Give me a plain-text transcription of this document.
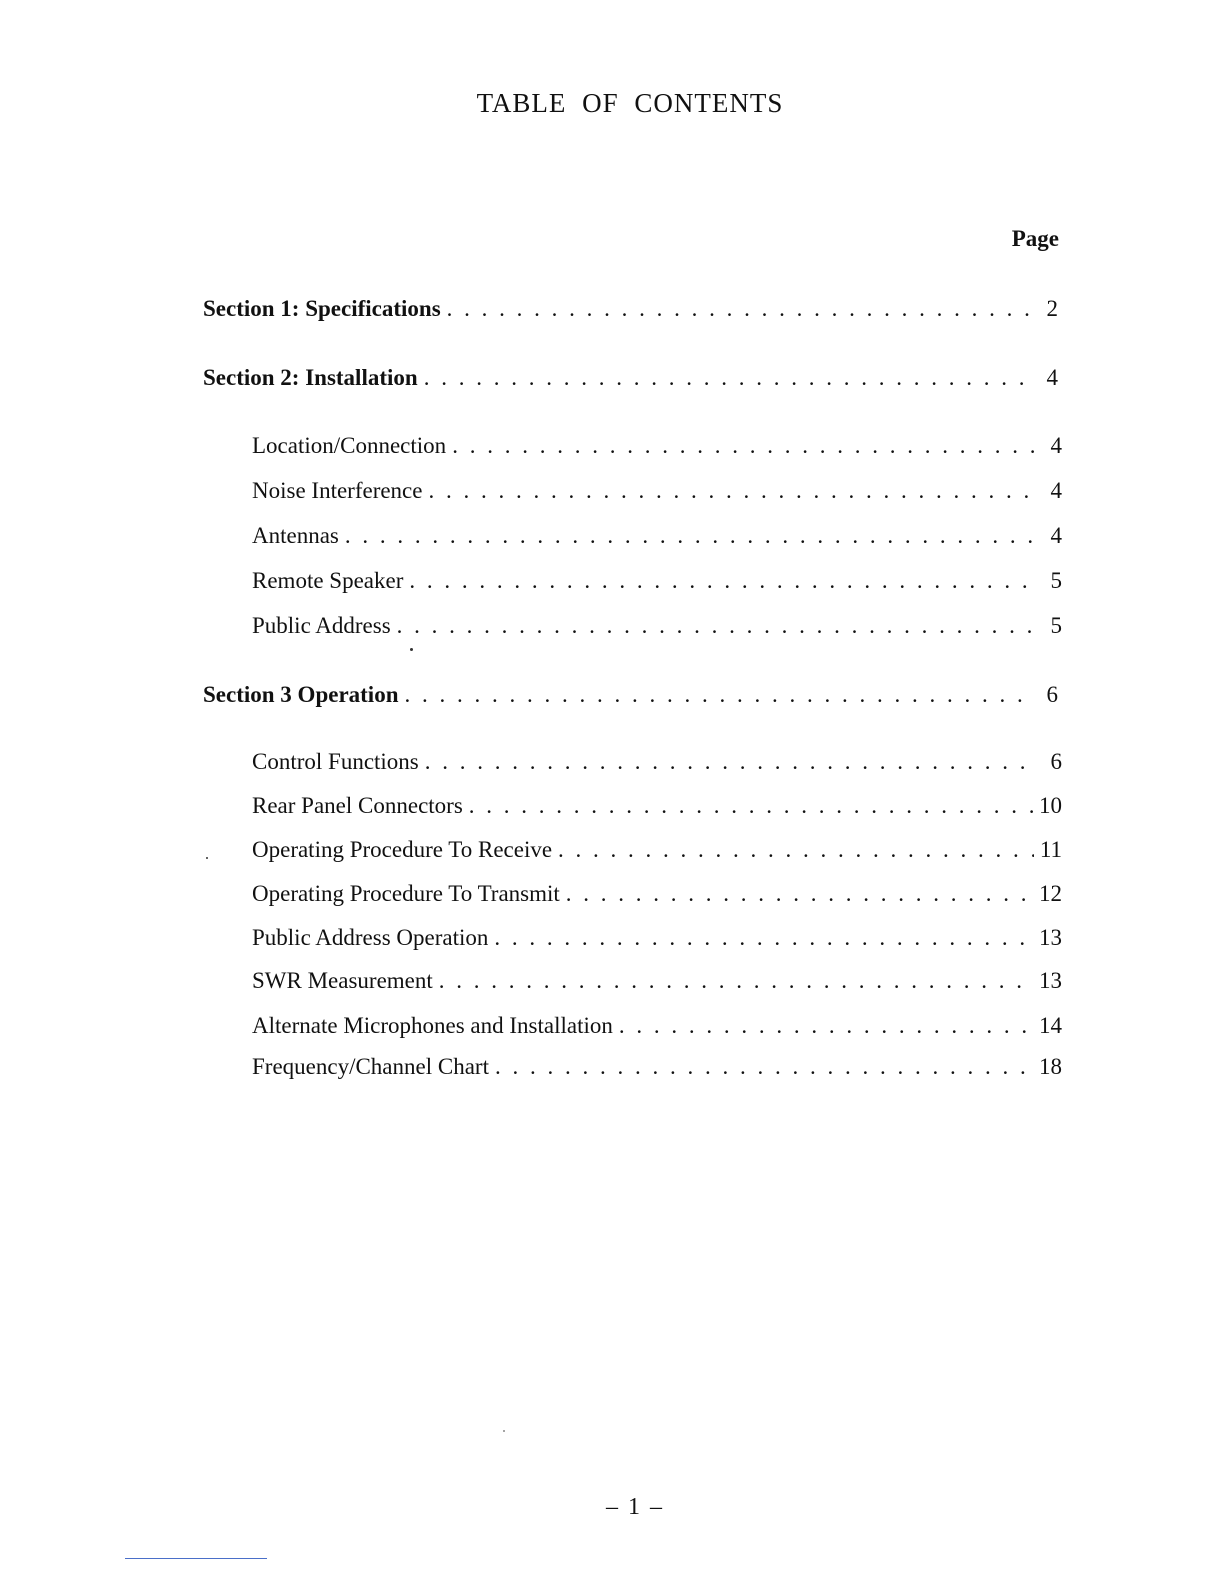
TABLE OF CONTENTS
Page
Section 1: Specifications . . .	2
Section 2: Installation . . .	4
Location/Connection . . .	4
Noise Interference . . .	4
Antennas . . .	4
Remote Speaker . . .	5
Public Address . . .	5
Section 3 Operation . . .	6
Control Functions . . .	6
Rear Panel Connectors . . .	10
Operating Procedure To Receive . . .	11
Operating Procedure To Transmit . . .	12
Public Address Operation . . .	13
SWR Measurement . . .	13
Alternate Microphones and Installation . . .	14
Frequency/Channel Chart . . .	18
– 1 –
